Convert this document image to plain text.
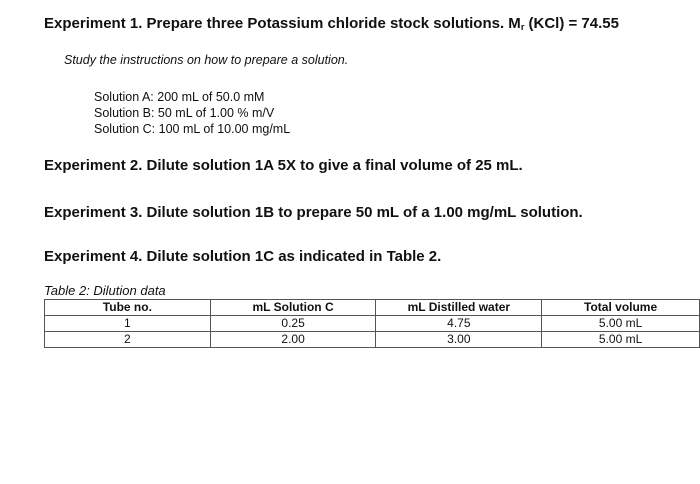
Experiment 1. Prepare three Potassium chloride stock solutions. $M_r$ (KCl) = 74.55
Study the instructions on how to prepare a solution.
Solution A: 200 mL of 50.0 mM
Solution B: 50 mL of 1.00 % m/V
Solution C: 100 mL of 10.00 mg/mL
Experiment 2. Dilute solution 1A 5X to give a final volume of 25 mL.
Experiment 3. Dilute solution 1B to prepare 50 mL of a 1.00 mg/mL solution.
Experiment 4. Dilute solution 1C as indicated in Table 2.
Table 2: Dilution data
Tube no.	mL Solution C	mL Distilled water	Total volume
1	0.25	4.75	5.00 mL
2	2.00	3.00	5.00 mL
